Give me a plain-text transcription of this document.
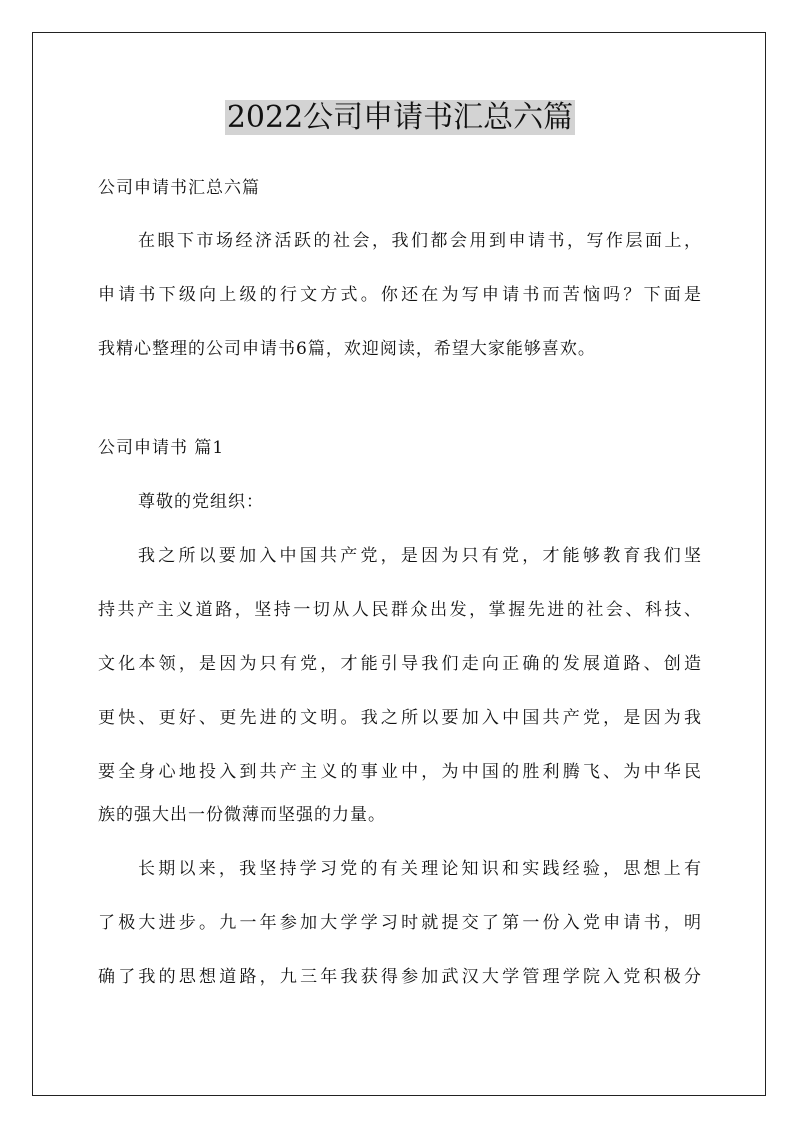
2022公司申请书汇总六篇
公司申请书汇总六篇
在眼下市场经济活跃的社会，我们都会用到申请书，写作层面上，
申请书下级向上级的行文方式。你还在为写申请书而苦恼吗？下面是
我精心整理的公司申请书6篇，欢迎阅读，希望大家能够喜欢。
公司申请书 篇1
尊敬的党组织：
我之所以要加入中国共产党，是因为只有党，才能够教育我们坚
持共产主义道路，坚持一切从人民群众出发，掌握先进的社会、科技、
文化本领，是因为只有党，才能引导我们走向正确的发展道路、创造
更快、更好、更先进的文明。我之所以要加入中国共产党，是因为我
要全身心地投入到共产主义的事业中，为中国的胜利腾飞、为中华民
族的强大出一份微薄而坚强的力量。
长期以来，我坚持学习党的有关理论知识和实践经验，思想上有
了极大进步。九一年参加大学学习时就提交了第一份入党申请书，明
确了我的思想道路，九三年我获得参加武汉大学管理学院入党积极分
